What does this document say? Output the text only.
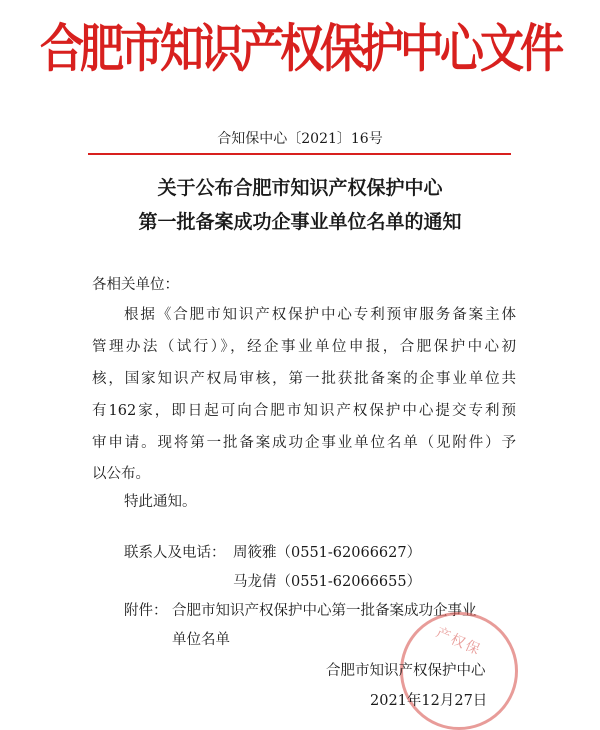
合肥市知识产权保护中心文件
合知保中心〔2021〕16号
关于公布合肥市知识产权保护中心
第一批备案成功企事业单位名单的通知
各相关单位：
根据《合肥市知识产权保护中心专利预审服务备案主体
管理办法（试行）》，经企事业单位申报，合肥保护中心初
核，国家知识产权局审核，第一批获批备案的企事业单位共
有162家，即日起可向合肥市知识产权保护中心提交专利预
审申请。现将第一批备案成功企事业单位名单（见附件）予
以公布。
特此通知。
联系人及电话： 周筱雅（0551-62066627）
马龙倩（0551-62066655）
附件： 合肥市知识产权保护中心第一批备案成功企事业
单位名单	产权保
合肥市知识产权保护中心
2021年12月27日
